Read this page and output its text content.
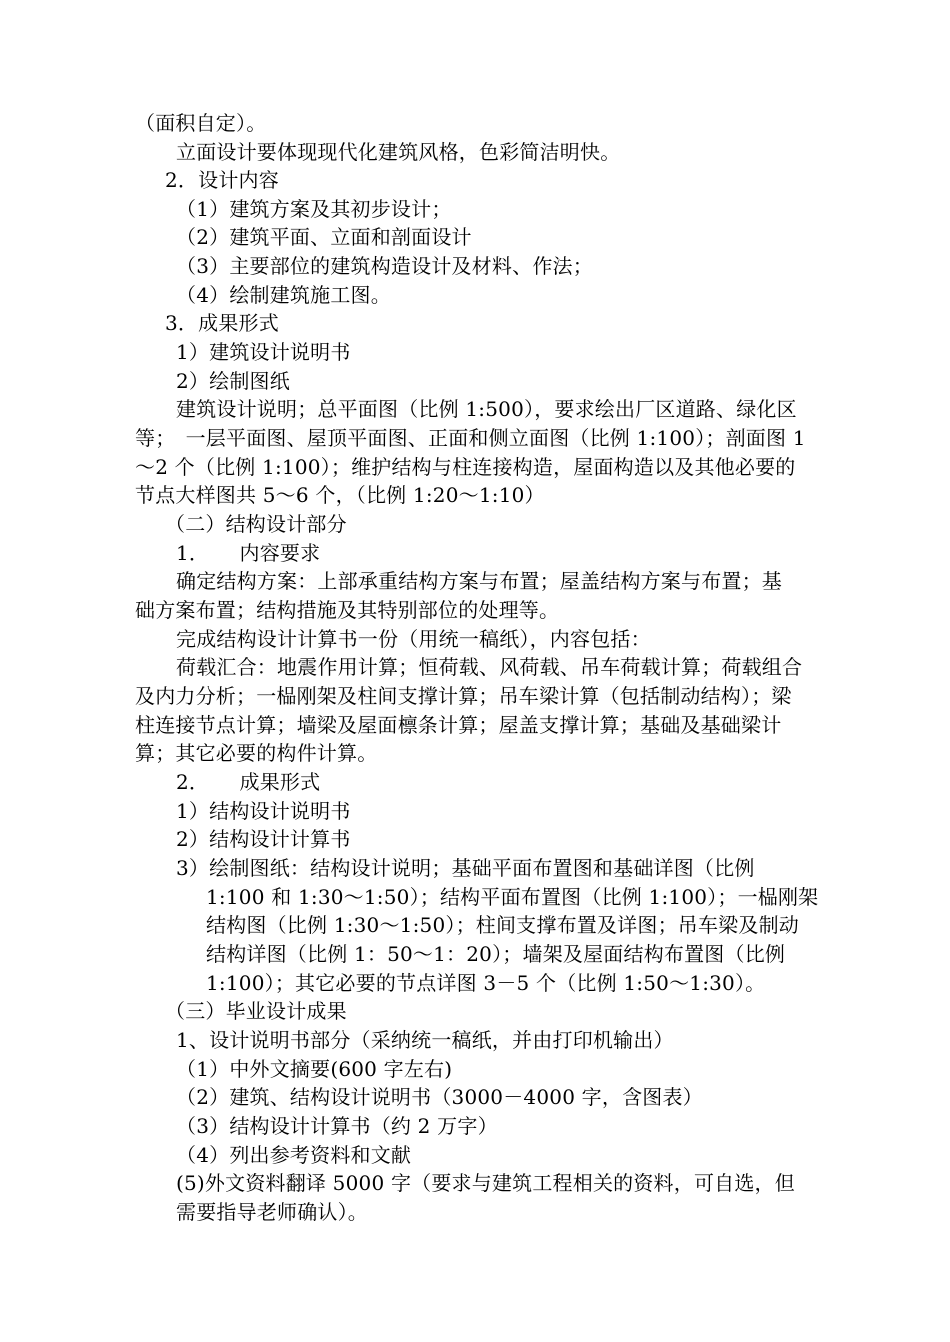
（面积自定）。
立面设计要体现现代化建筑风格，色彩简洁明快。
2．设计内容
（1）建筑方案及其初步设计；
（2）建筑平面、立面和剖面设计
（3）主要部位的建筑构造设计及材料、作法；
（4）绘制建筑施工图。
3．成果形式
1）建筑设计说明书
2）绘制图纸
建筑设计说明；总平面图（比例 1:500），要求绘出厂区道路、绿化区
等；　一层平面图、屋顶平面图、正面和侧立面图（比例 1:100）；剖面图 1
～2 个（比例 1:100）；维护结构与柱连接构造，屋面构造以及其他必要的
节点大样图共 5～6 个，（比例 1:20～1:10）
（二）结构设计部分
1．　　内容要求
确定结构方案：上部承重结构方案与布置；屋盖结构方案与布置；基
础方案布置；结构措施及其特别部位的处理等。
完成结构设计计算书一份（用统一稿纸），内容包括：
荷载汇合：地震作用计算；恒荷载、风荷载、吊车荷载计算；荷载组合
及内力分析；一榀刚架及柱间支撑计算；吊车梁计算（包括制动结构）；梁
柱连接节点计算；墙梁及屋面檩条计算；屋盖支撑计算；基础及基础梁计
算；其它必要的构件计算。
2．　　成果形式
1）结构设计说明书
2）结构设计计算书
3）绘制图纸：结构设计说明；基础平面布置图和基础详图（比例
1:100 和 1:30～1:50）；结构平面布置图（比例 1:100）；一榀刚架
结构图（比例 1:30～1:50）；柱间支撑布置及详图；吊车梁及制动
结构详图（比例 1：50～1：20）；墙架及屋面结构布置图（比例
1:100）；其它必要的节点详图 3－5 个（比例 1:50～1:30）。
（三）毕业设计成果
1、设计说明书部分（采纳统一稿纸，并由打印机输出）
（1）中外文摘要(600 字左右)
（2）建筑、结构设计说明书（3000－4000 字，含图表）
（3）结构设计计算书（约 2 万字）
（4）列出参考资料和文献
(5)外文资料翻译 5000 字（要求与建筑工程相关的资料，可自选，但
需要指导老师确认）。
